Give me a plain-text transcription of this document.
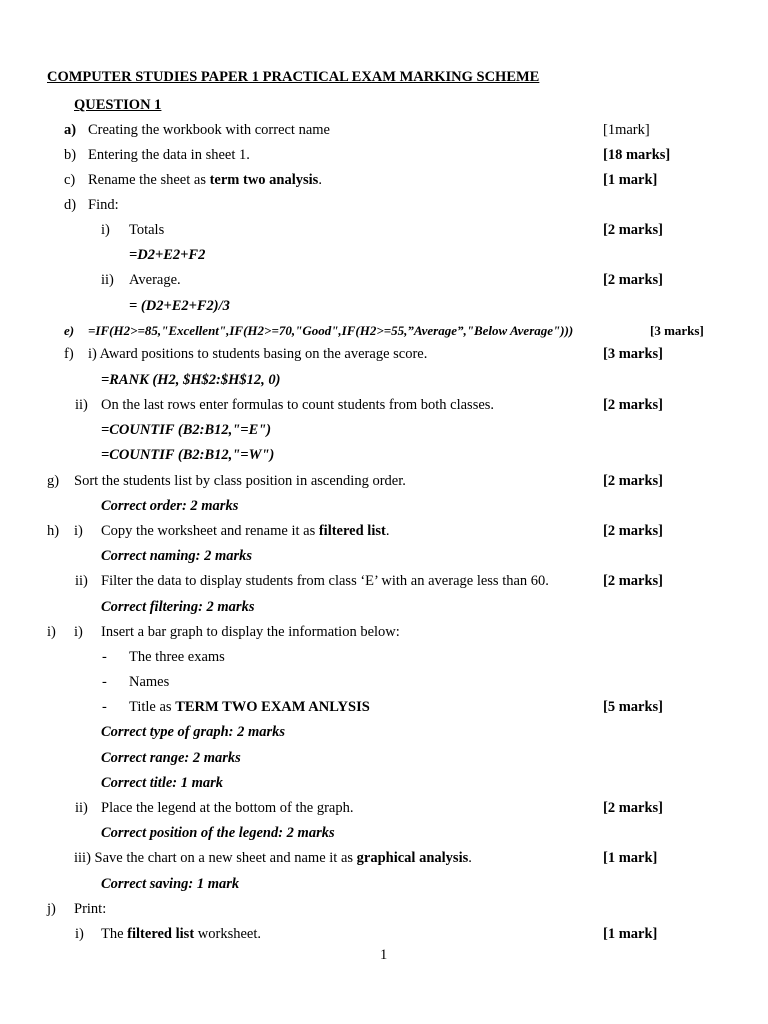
COMPUTER STUDIES PAPER 1 PRACTICAL EXAM MARKING SCHEME
QUESTION 1
a) Creating the workbook with correct name	[1mark]
b) Entering the data in sheet 1.	[18 marks]
c) Rename the sheet as term two analysis.	[1 mark]
d) Find:
i) Totals	[2 marks]
=D2+E2+F2
ii) Average.	[2 marks]
= (D2+E2+F2)/3
e) =IF(H2>=85,"Excellent",IF(H2>=70,"Good",IF(H2>=55,”Average”,"Below Average")))	[3 marks]
f) i) Award positions to students basing on the average score.	[3 marks]
=RANK (H2, $H$2:$H$12, 0)
ii) On the last rows enter formulas to count students from both classes.	[2 marks]
=COUNTIF (B2:B12,"=E")
=COUNTIF (B2:B12,"=W")
g) Sort the students list by class position in ascending order.	[2 marks]
Correct order: 2 marks
h) i) Copy the worksheet and rename it as filtered list.	[2 marks]
Correct naming: 2 marks
ii) Filter the data to display students from class ‘E’ with an average less than 60.	[2 marks]
Correct filtering: 2 marks
i) i) Insert a bar graph to display the information below:
- The three exams
- Names
- Title as TERM TWO EXAM ANLYSIS	[5 marks]
Correct type of graph: 2 marks
Correct range: 2 marks
Correct title: 1 mark
ii) Place the legend at the bottom of the graph.	[2 marks]
Correct position of the legend: 2 marks
iii) Save the chart on a new sheet and name it as graphical analysis.	[1 mark]
Correct saving: 1 mark
j) Print:
i) The filtered list worksheet.	[1 mark]
1
